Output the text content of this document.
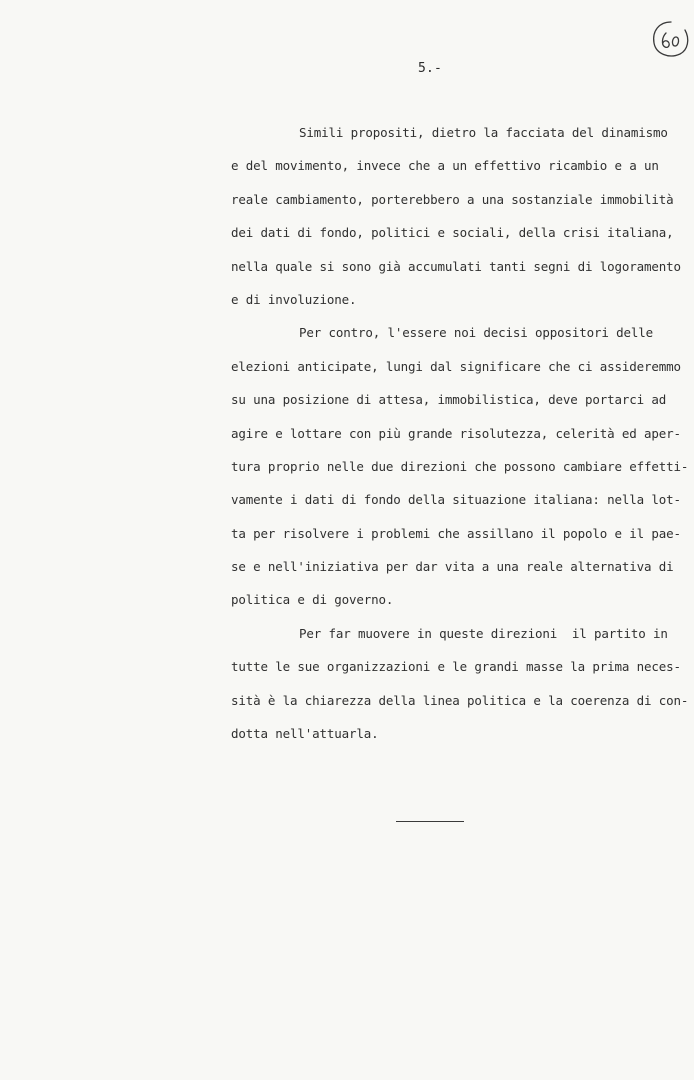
5.-
Simili propositi, dietro la facciata del dinamismo
e del movimento, invece che a un effettivo ricambio e a un
reale cambiamento, porterebbero a una sostanziale immobilità
dei dati di fondo, politici e sociali, della crisi italiana,
nella quale si sono già accumulati tanti segni di logoramento
e di involuzione.
Per contro, l'essere noi decisi oppositori delle
elezioni anticipate, lungi dal significare che ci assideremmo
su una posizione di attesa, immobilistica, deve portarci ad
agire e lottare con più grande risolutezza, celerità ed aper-
tura proprio nelle due direzioni che possono cambiare effetti-
vamente i dati di fondo della situazione italiana: nella lot-
ta per risolvere i problemi che assillano il popolo e il pae-
se e nell'iniziativa per dar vita a una reale alternativa di
politica e di governo.
Per far muovere in queste direzioni  il partito in
tutte le sue organizzazioni e le grandi masse la prima neces-
sità è la chiarezza della linea politica e la coerenza di con-
dotta nell'attuarla.
